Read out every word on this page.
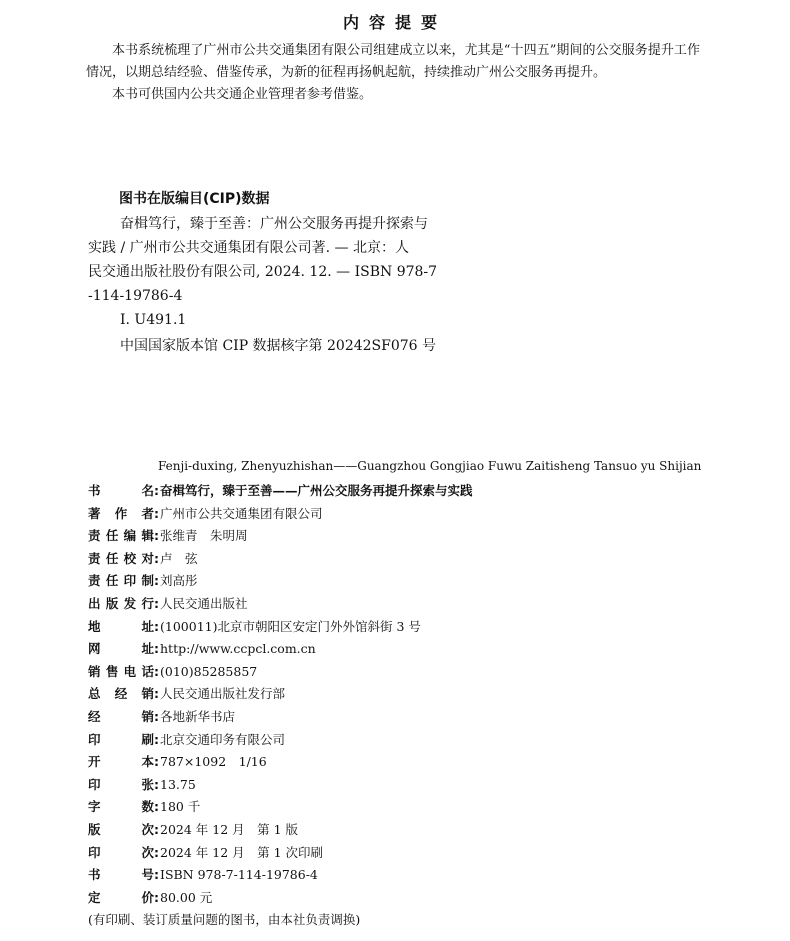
内容提要

本书系统梳理了广州市公共交通集团有限公司组建成立以来，尤其是“十四五”期间的公交服务提升工作情况，以期总结经验、借鉴传承，为新的征程再扬帆起航，持续推动广州公交服务再提升。

本书可供国内公共交通企业管理者参考借鉴。

图书在版编目(CIP)数据

奋楫笃行，臻于至善：广州公交服务再提升探索与

实践 / 广州市公共交通集团有限公司著. — 北京：人

民交通出版社股份有限公司, 2024. 12. — ISBN 978-7

-114-19786-4

Ⅰ. U491.1

中国国家版本馆 CIP 数据核字第 20242SF076 号

Fenji-duxing, Zhenyuzhishan——Guangzhou Gongjiao Fuwu Zaitisheng Tansuo yu Shijian
书	名 : 奋楫笃行，臻于至善——广州公交服务再提升探索与实践
著 作 者 : 广州市公共交通集团有限公司
责 任 编 辑 : 张维青　朱明周
责 任 校 对 : 卢　弦
责 任 印 制 : 刘高彤
出 版 发 行 : 人民交通出版社
地	址 : (100011)北京市朝阳区安定门外外馆斜街 3 号
网	址 : http://www.ccpcl.com.cn
销 售 电 话 : (010)85285857
总 经 销 : 人民交通出版社发行部
经	销 : 各地新华书店
印	刷 : 北京交通印务有限公司
开	本 : 787×1092　1/16
印	张 : 13.75
字	数 : 180 千
版	次 : 2024 年 12 月　第 1 版
印	次 : 2024 年 12 月　第 1 次印刷
书	号 : ISBN 978-7-114-19786-4
定	价 : 80.00 元
(有印刷、装订质量问题的图书，由本社负责调换)
